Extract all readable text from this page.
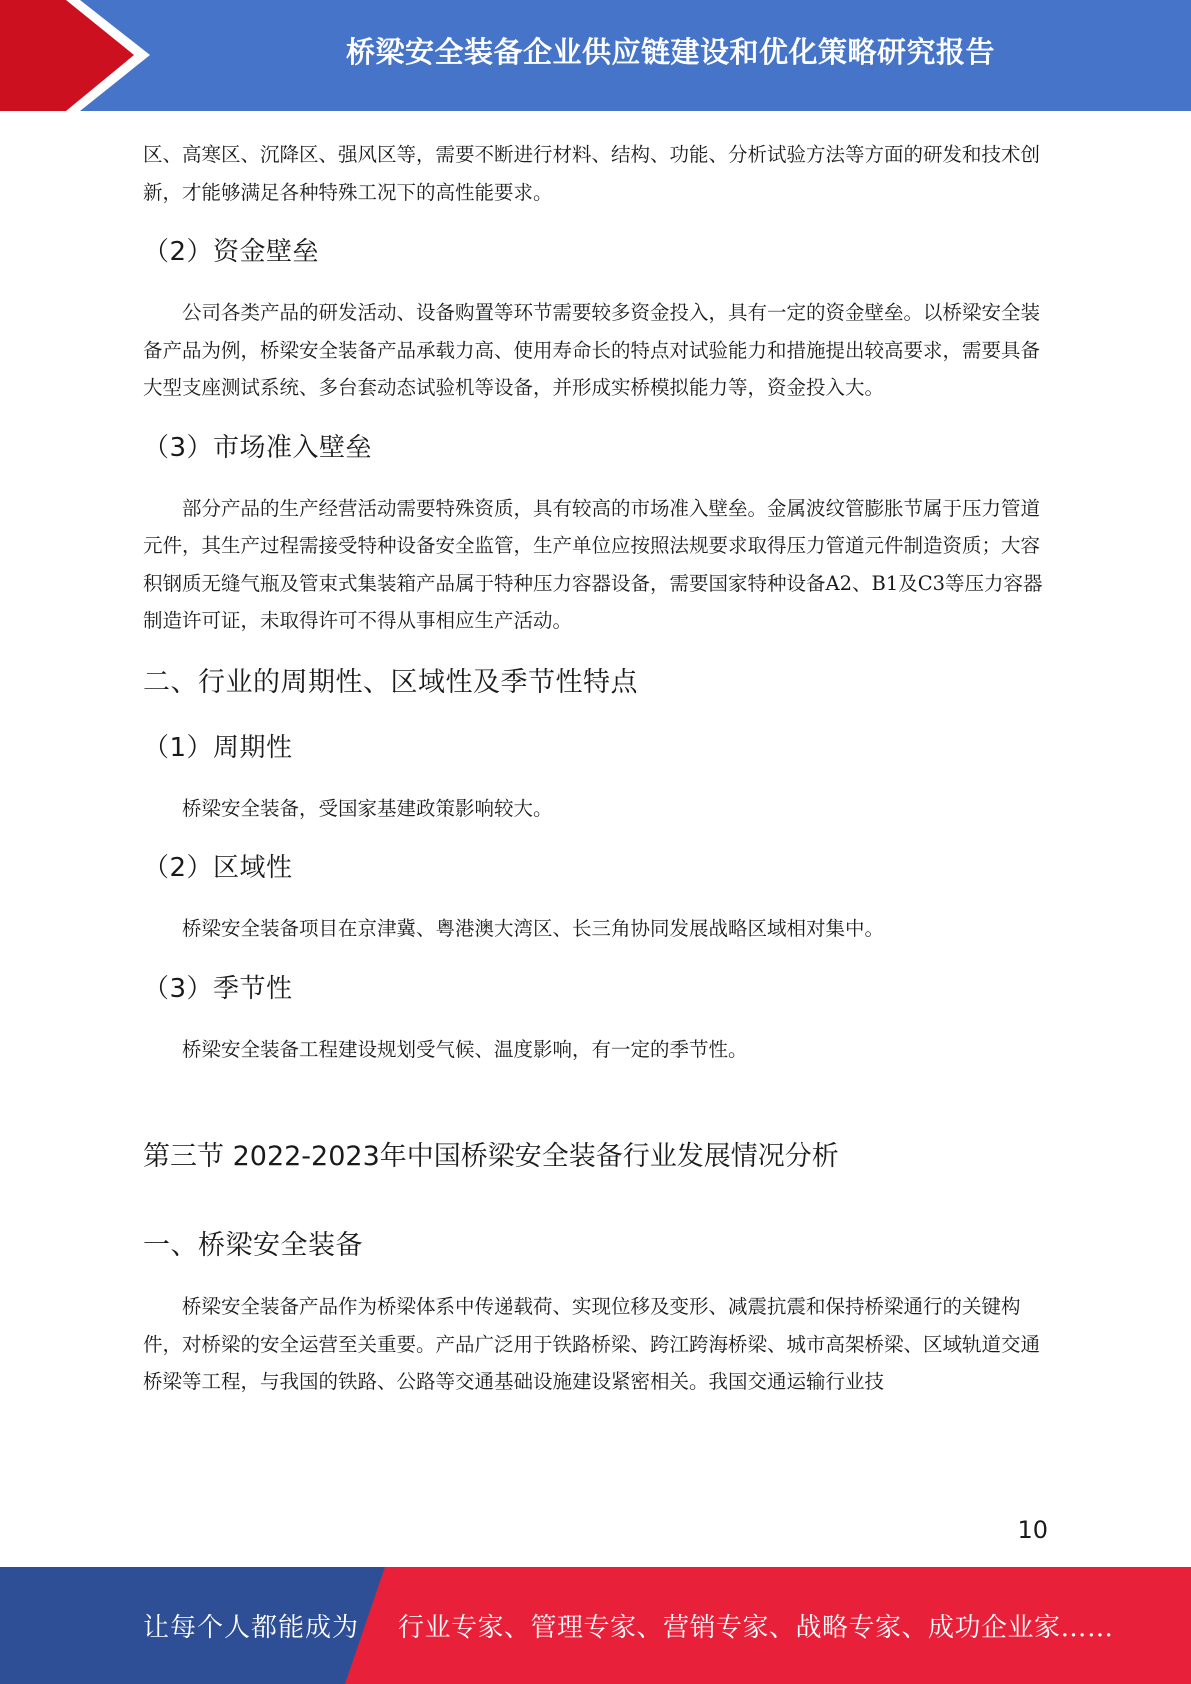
桥梁安全装备企业供应链建设和优化策略研究报告

区、高寒区、沉降区、强风区等，需要不断进行材料、结构、功能、分析试验方法等方面的研发和技术创新，才能够满足各种特殊工况下的高性能要求。

（2）资金壁垒

公司各类产品的研发活动、设备购置等环节需要较多资金投入，具有一定的资金壁垒。以桥梁安全装备产品为例，桥梁安全装备产品承载力高、使用寿命长的特点对试验能力和措施提出较高要求，需要具备大型支座测试系统、多台套动态试验机等设备，并形成实桥模拟能力等，资金投入大。

（3）市场准入壁垒

部分产品的生产经营活动需要特殊资质，具有较高的市场准入壁垒。金属波纹管膨胀节属于压力管道元件，其生产过程需接受特种设备安全监管，生产单位应按照法规要求取得压力管道元件制造资质；大容积钢质无缝气瓶及管束式集装箱产品属于特种压力容器设备，需要国家特种设备A2、B1及C3等压力容器制造许可证，未取得许可不得从事相应生产活动。

二、行业的周期性、区域性及季节性特点
（1）周期性

桥梁安全装备，受国家基建政策影响较大。

（2）区域性

桥梁安全装备项目在京津冀、粤港澳大湾区、长三角协同发展战略区域相对集中。

（3）季节性

桥梁安全装备工程建设规划受气候、温度影响，有一定的季节性。

第三节 2022-2023年中国桥梁安全装备行业发展情况分析
一、桥梁安全装备

桥梁安全装备产品作为桥梁体系中传递载荷、实现位移及变形、减震抗震和保持桥梁通行的关键构件，对桥梁的安全运营至关重要。产品广泛用于铁路桥梁、跨江跨海桥梁、城市高架桥梁、区域轨道交通桥梁等工程，与我国的铁路、公路等交通基础设施建设紧密相关。我国交通运输行业技

10
让每个人都能成为 行业专家、管理专家、营销专家、战略专家、成功企业家……
